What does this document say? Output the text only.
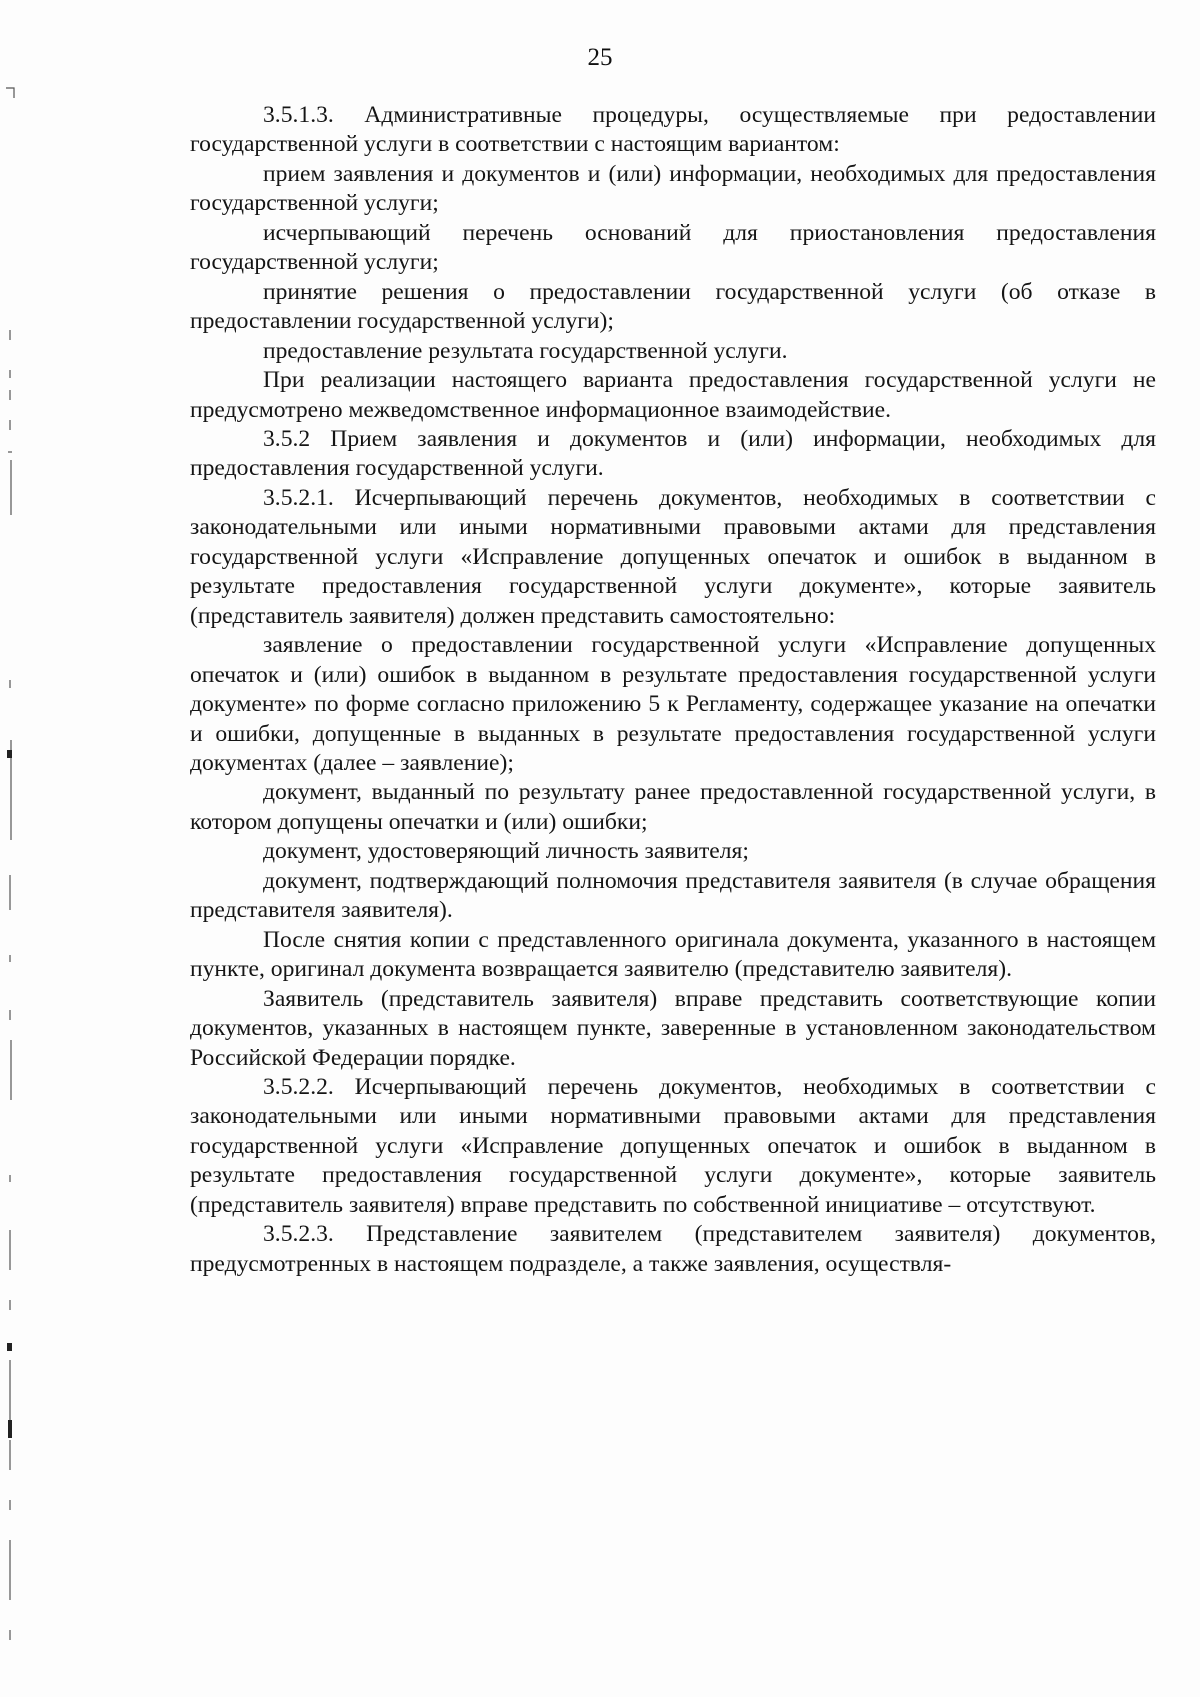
25

3.5.1.3. Административные процедуры, осуществляемые при редоставлении государственной услуги в соответствии с настоящим вариантом:

прием заявления и документов и (или) информации, необходимых для предоставления государственной услуги;

исчерпывающий перечень оснований для приостановления предоставления государственной услуги;

принятие решения о предоставлении государственной услуги (об отказе в предоставлении государственной услуги);

предоставление результата государственной услуги.

При реализации настоящего варианта предоставления государственной услуги не предусмотрено межведомственное информационное взаимодействие.

3.5.2 Прием заявления и документов и (или) информации, необходимых для предоставления государственной услуги.

3.5.2.1. Исчерпывающий перечень документов, необходимых в соответствии с законодательными или иными нормативными правовыми актами для представления государственной услуги «Исправление допущенных опечаток и ошибок в выданном в результате предоставления государственной услуги документе», которые заявитель (представитель заявителя) должен представить самостоятельно:

заявление о предоставлении государственной услуги «Исправление допущенных опечаток и (или) ошибок в выданном в результате предоставления государственной услуги документе» по форме согласно приложению 5 к Регламенту, содержащее указание на опечатки и ошибки, допущенные в выданных в результате предоставления государственной услуги документах (далее – заявление);

документ, выданный по результату ранее предоставленной государственной услуги, в котором допущены опечатки и (или) ошибки;

документ, удостоверяющий личность заявителя;

документ, подтверждающий полномочия представителя заявителя (в случае обращения представителя заявителя).

После снятия копии с представленного оригинала документа, указанного в настоящем пункте, оригинал документа возвращается заявителю (представителю заявителя).

Заявитель (представитель заявителя) вправе представить соответствующие копии документов, указанных в настоящем пункте, заверенные в установленном законодательством Российской Федерации порядке.

3.5.2.2. Исчерпывающий перечень документов, необходимых в соответствии с законодательными или иными нормативными правовыми актами для представления государственной услуги «Исправление допущенных опечаток и ошибок в выданном в результате предоставления государственной услуги документе», которые заявитель (представитель заявителя) вправе представить по собственной инициативе – отсутствуют.

3.5.2.3. Представление заявителем (представителем заявителя) документов, предусмотренных в настоящем подразделе, а также заявления, осуществля-
